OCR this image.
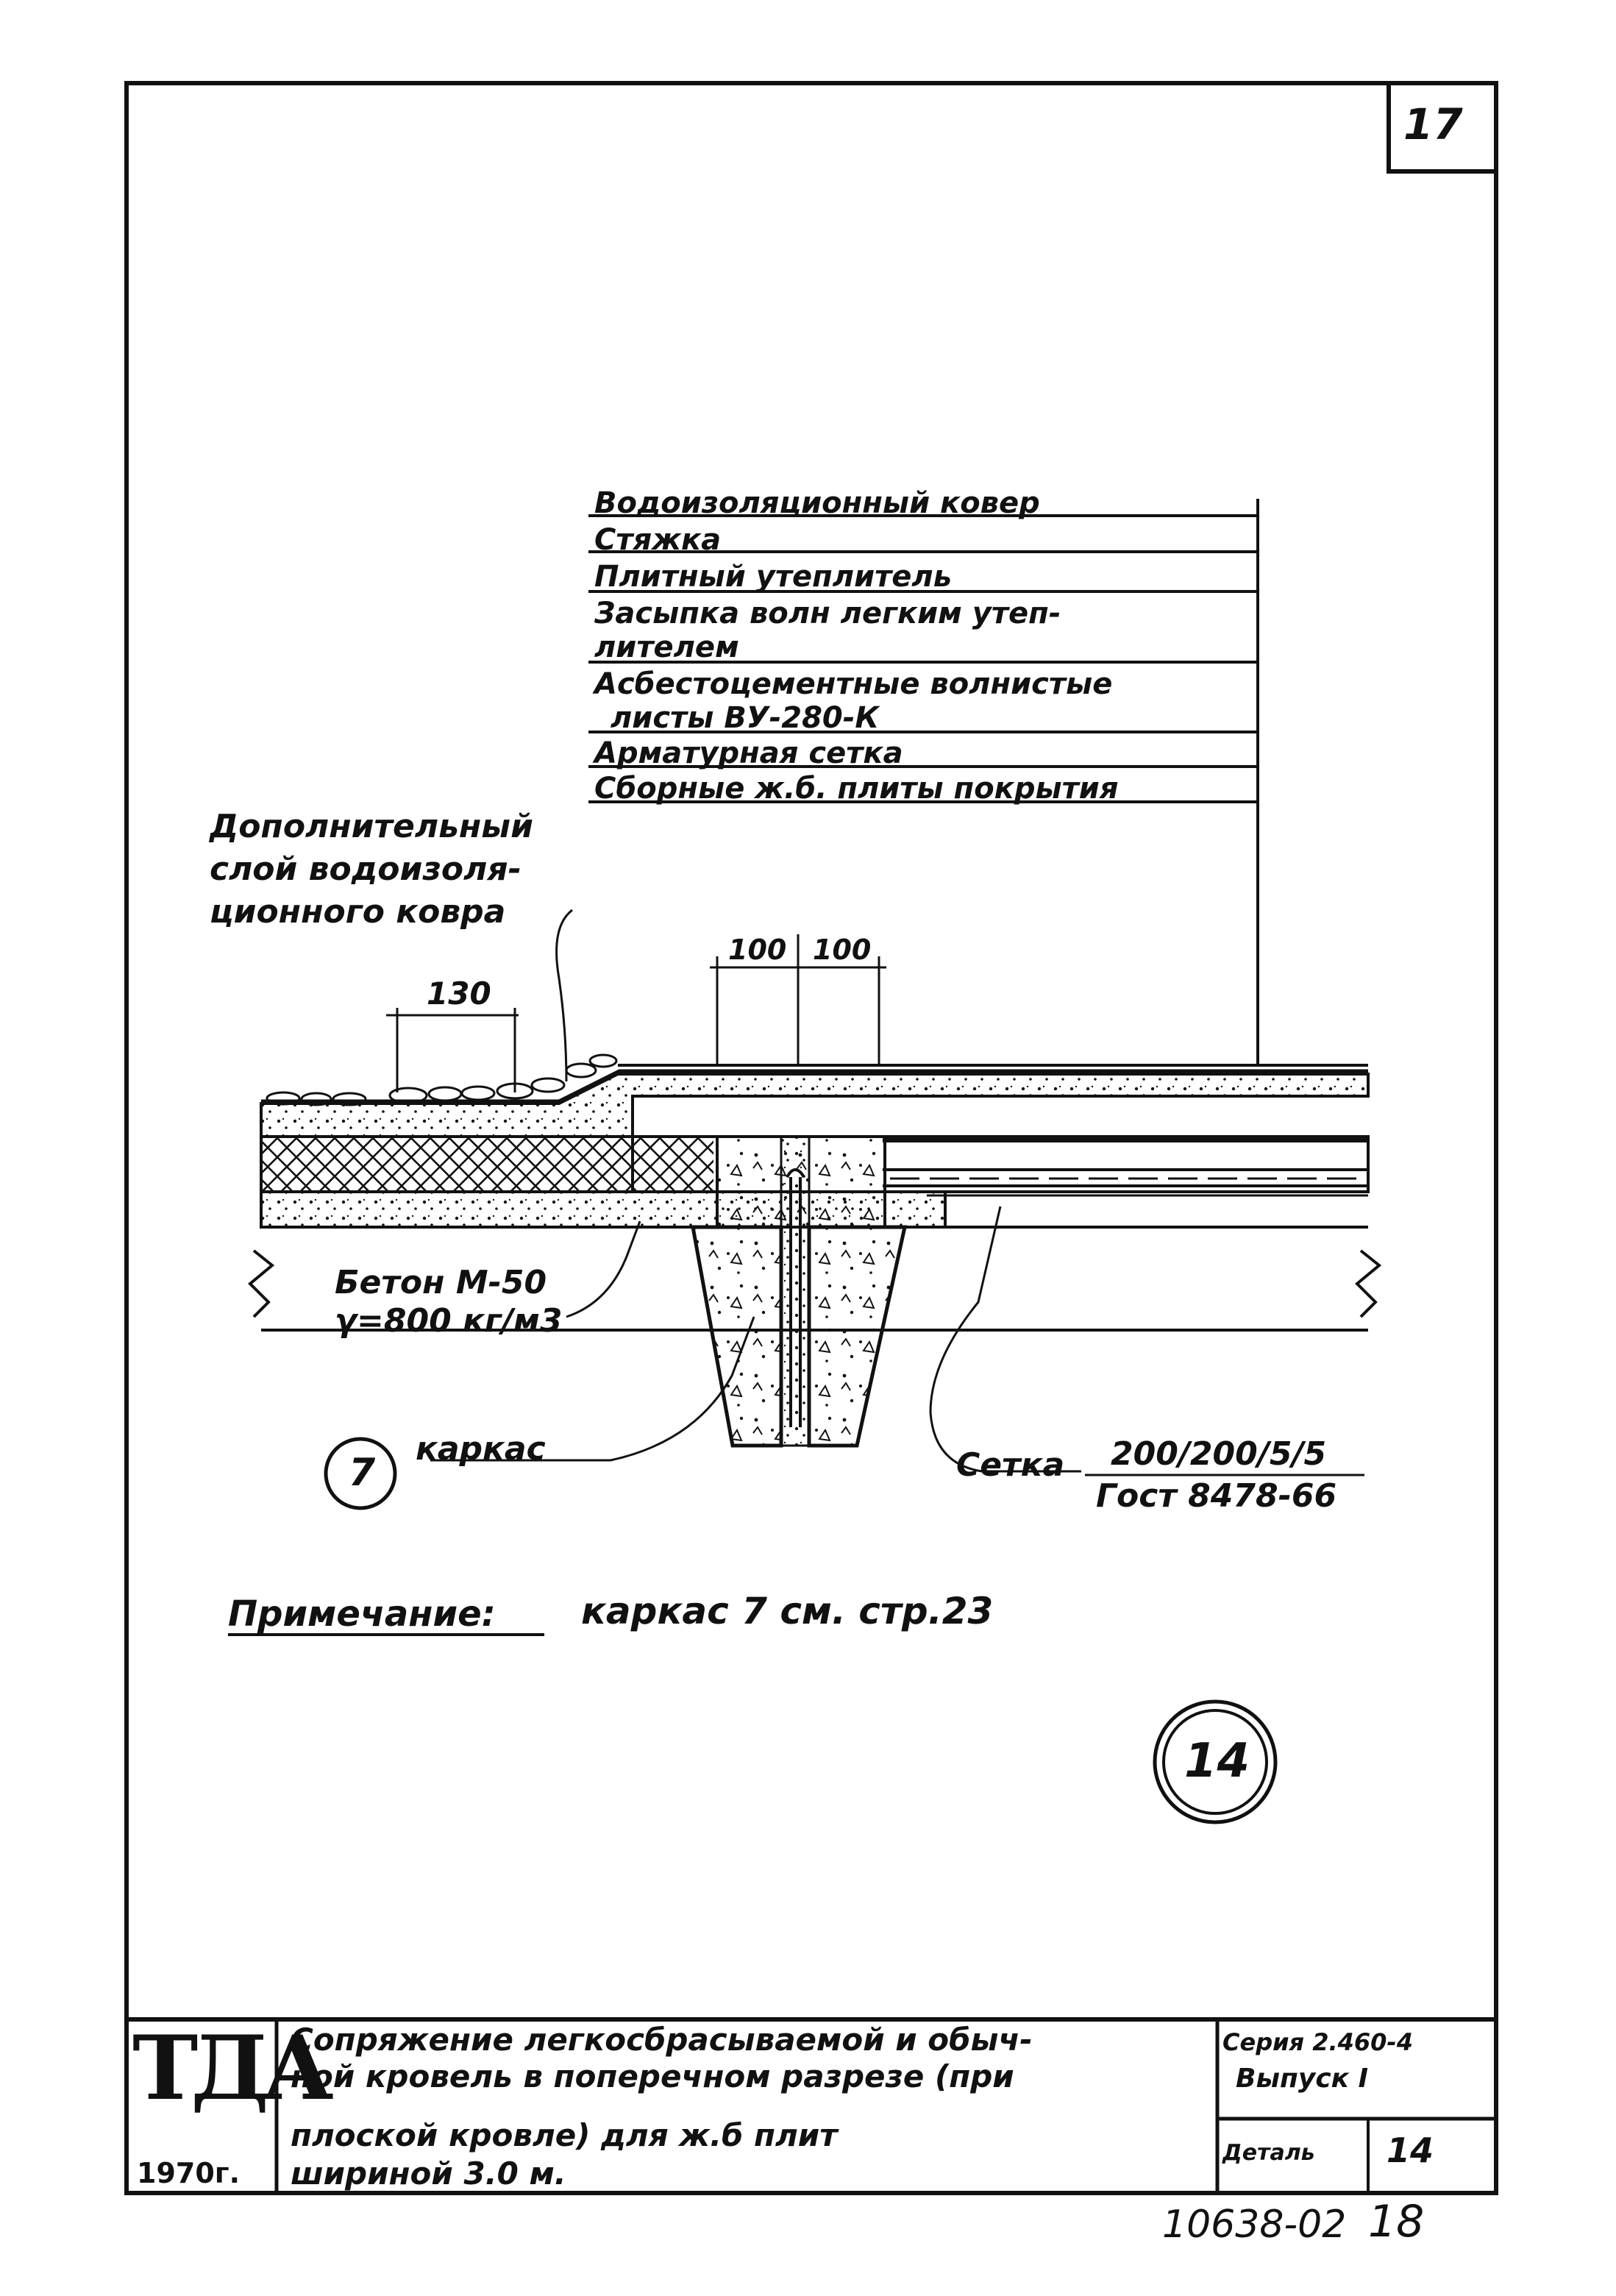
17
Водоизоляционный ковер
Стяжка
Плитный утеплитель
Засыпка волн легким утеп-
лителем
Асбестоцементные волнистые
листы ВУ-280-К
Арматурная сетка
Сборные ж.б. плиты покрытия
Дополнительный
слой водоизоля-
ционного ковра
130
100 100
Бетон М-50
γ=800 кг/м3
7
каркас	Сетка 200/200/5/5
Гост 8478-66
14
Примечание: каркас 7 см. стр.23
ТДА
1970г.
Сопряжение легкосбрасываемой и обыч-
ной кровель в поперечном разрезе (при
плоской кровле) для ж.б плит
шириной 3.0 м.
Серия 2.460-4
Выпуск I
Деталь 14
10638-02 18
